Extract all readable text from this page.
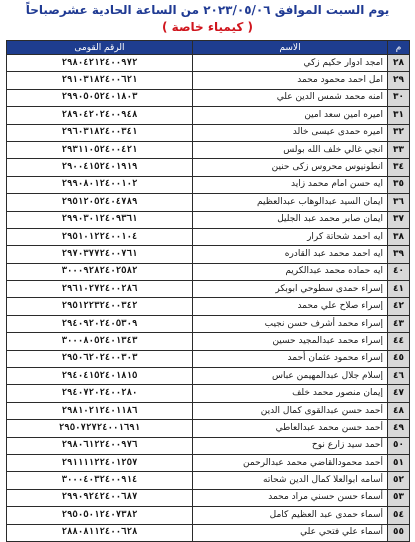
يوم السبت الموافق ٢٠٢٣/٠٥/٠٦ من الساعة الحادية عشرصباحاً
( كيمياء خاصة )
م	الاسم	الرقم القومى
٢٨	امجد ادوار حكيم زكي	٢٩٨٠٤٢١٢٤٠٠٩٧٢
٢٩	امل احمد محمود محمد	٢٩١٠٣١٨٢٤٠٠٦٢١
٣٠	امنه محمد شمس الدين علي	٢٩٩٠٥٠٥٢٤٠١٨٠٣
٣١	اميره امين سعد امين	٢٨٩٠٤٢٠٢٤٠٠٩٤٨
٣٢	اميره حمدى عيسى خالد	٢٩٦٠٣١٨٢٤٠٠٣٤١
٣٣	انجي غالي خلف الله بولس	٢٩٣١١٠٥٢٤٠٠٤٢١
٣٤	انطونيوس محروس زكى حنين	٢٩٠٠٤١٥٢٤٠١٩١٩
٣٥	ايه حسن امام محمد زايد	٢٩٩٠٨٠١٢٤٠٠١٠٢
٣٦	ايمان السيد عبدالوهاب عبدالعظيم	٢٩٥١٢٠٥٢٤٠٤٧٨٩
٣٧	ايمان صابر محمد عبد الجليل	٢٩٩٠٣٠١٢٤٠٩٣٦١
٣٨	ايه احمد شحاتة كرار	٢٩٥١٠١٢٢٤٠٠١٠٤
٣٩	ايه احمد محمد عبد القادره	٢٩٧٠٣٧٧٢٤٠٠٧٦١
٤٠	ايه حماده محمد عبدالكريم	٣٠٠٠٩٢٨٢٤٠٢٥٨٢
٤١	إسراء حمدى سطوحي ابوبكر	٢٩٦١٠٢٧٢٤٠٠٢٨٦
٤٢	إسراء صلاح علي محمد	٢٩٥١٢٢٣٢٤٠٠٣٤٢
٤٣	إسراء محمد أشرف حسن نجيب	٢٩٤٠٩٢٠٢٤٠٥٣٠٩
٤٤	إسراء محمد عبدالمجيد حسين	٣٠٠٠٨٠٥٢٤٠١٣٤٣
٤٥	إسراء محمود عثمان أحمد	٢٩٥٠٦٢٠٢٤٠٠٣٠٣
٤٦	إسلام جلال عبدالمهيمن عباس	٢٩٤٠٤١٥٢٤٠١٨١٥
٤٧	إيمان منصور محمد خلف	٢٩٤٠٧٢٠٢٤٠٠٢٨٠
٤٨	أحمد حسن عبدالقوى كمال الدين	٢٩٨١٠٢١٢٤٠١١٨٦
٤٩	أحمد حسن محمد عبدالعاطي	٢٩٥٠٧٢٧٢٤٠٠١٦٩١
٥٠	أحمد سيد زارع نوح	٢٩٨٠٦١٢٢٤٠٠٩٧٦
٥١	أحمد محمودالقاضي محمد عبدالرحمن	٢٩١١١١٢٢٤٠١٢٥٧
٥٢	أسامه ابوالعلا كمال الدين شحاته	٣٠٠٠٤٠٣٢٤٠٠٩١٤
٥٣	أسماء حسن حسني مراد محمد	٢٩٩٠٩٢٤٢٤٠٠٦٨٧
٥٤	أسماء حمدى عبد العظيم كامل	٢٩٥٠٥٠١٢٤٠٧٣٨٢
٥٥	أسماء علي فتحي علي	٢٨٨٠٨١١٢٤٠٠٦٢٨
